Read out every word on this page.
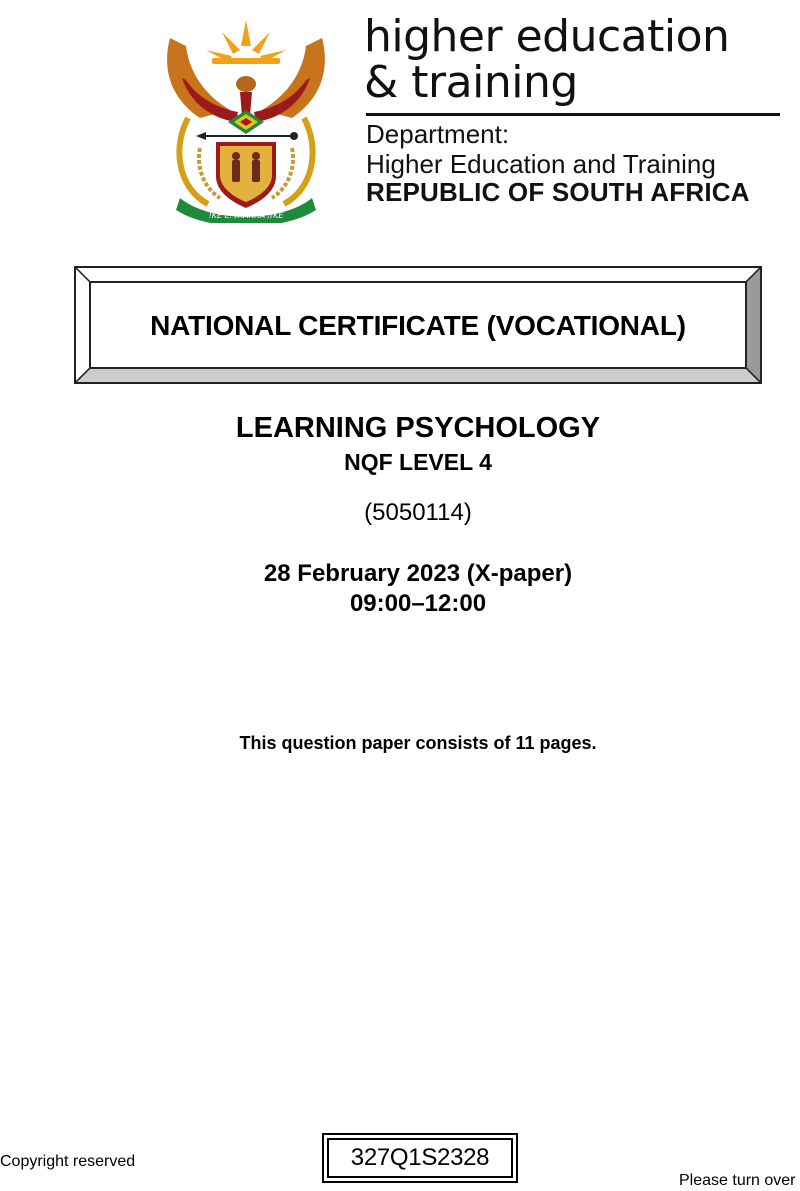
!KE E: /XARRA //KE
higher education
& training
Department:
Higher Education and Training
REPUBLIC OF SOUTH AFRICA
NATIONAL CERTIFICATE (VOCATIONAL)
LEARNING PSYCHOLOGY
NQF LEVEL 4
(5050114)
28 February 2023 (X-paper)
09:00–12:00
This question paper consists of 11 pages.
Copyright reserved	327Q1S2328
Please turn over
